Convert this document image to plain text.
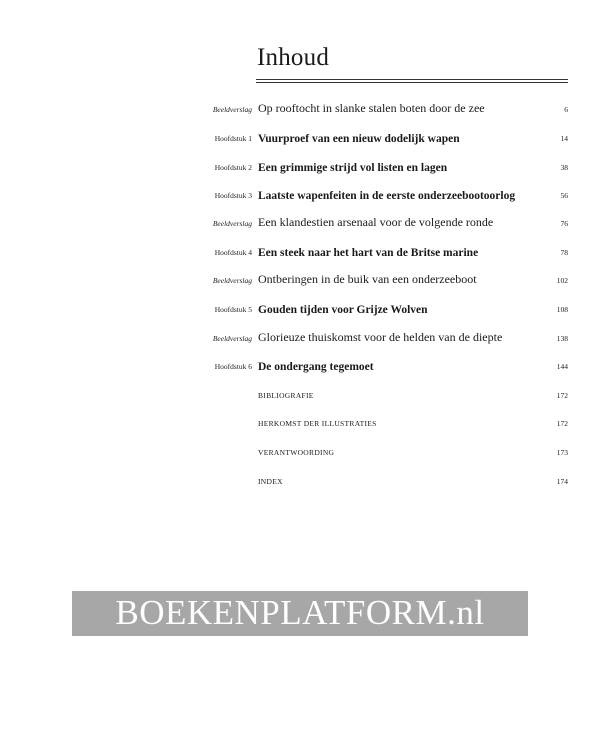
Inhoud
Beeldverslag Op rooftocht in slanke stalen boten door de zee	6
Hoofdstuk 1 Vuurproef van een nieuw dodelijk wapen	14
Hoofdstuk 2 Een grimmige strijd vol listen en lagen	38
Hoofdstuk 3 Laatste wapenfeiten in de eerste onderzeebootoorlog	56
Beeldverslag Een klandestien arsenaal voor de volgende ronde	76
Hoofdstuk 4 Een steek naar het hart van de Britse marine	78
Beeldverslag Ontberingen in de buik van een onderzeeboot	102
Hoofdstuk 5 Gouden tijden voor Grijze Wolven	108
Beeldverslag Glorieuze thuiskomst voor de helden van de diepte	138
Hoofdstuk 6 De ondergang tegemoet	144
BIBLIOGRAFIE	172
HERKOMST DER ILLUSTRATIES	172
VERANTWOORDING	173
INDEX	174
BOEKENPLATFORM.nl
